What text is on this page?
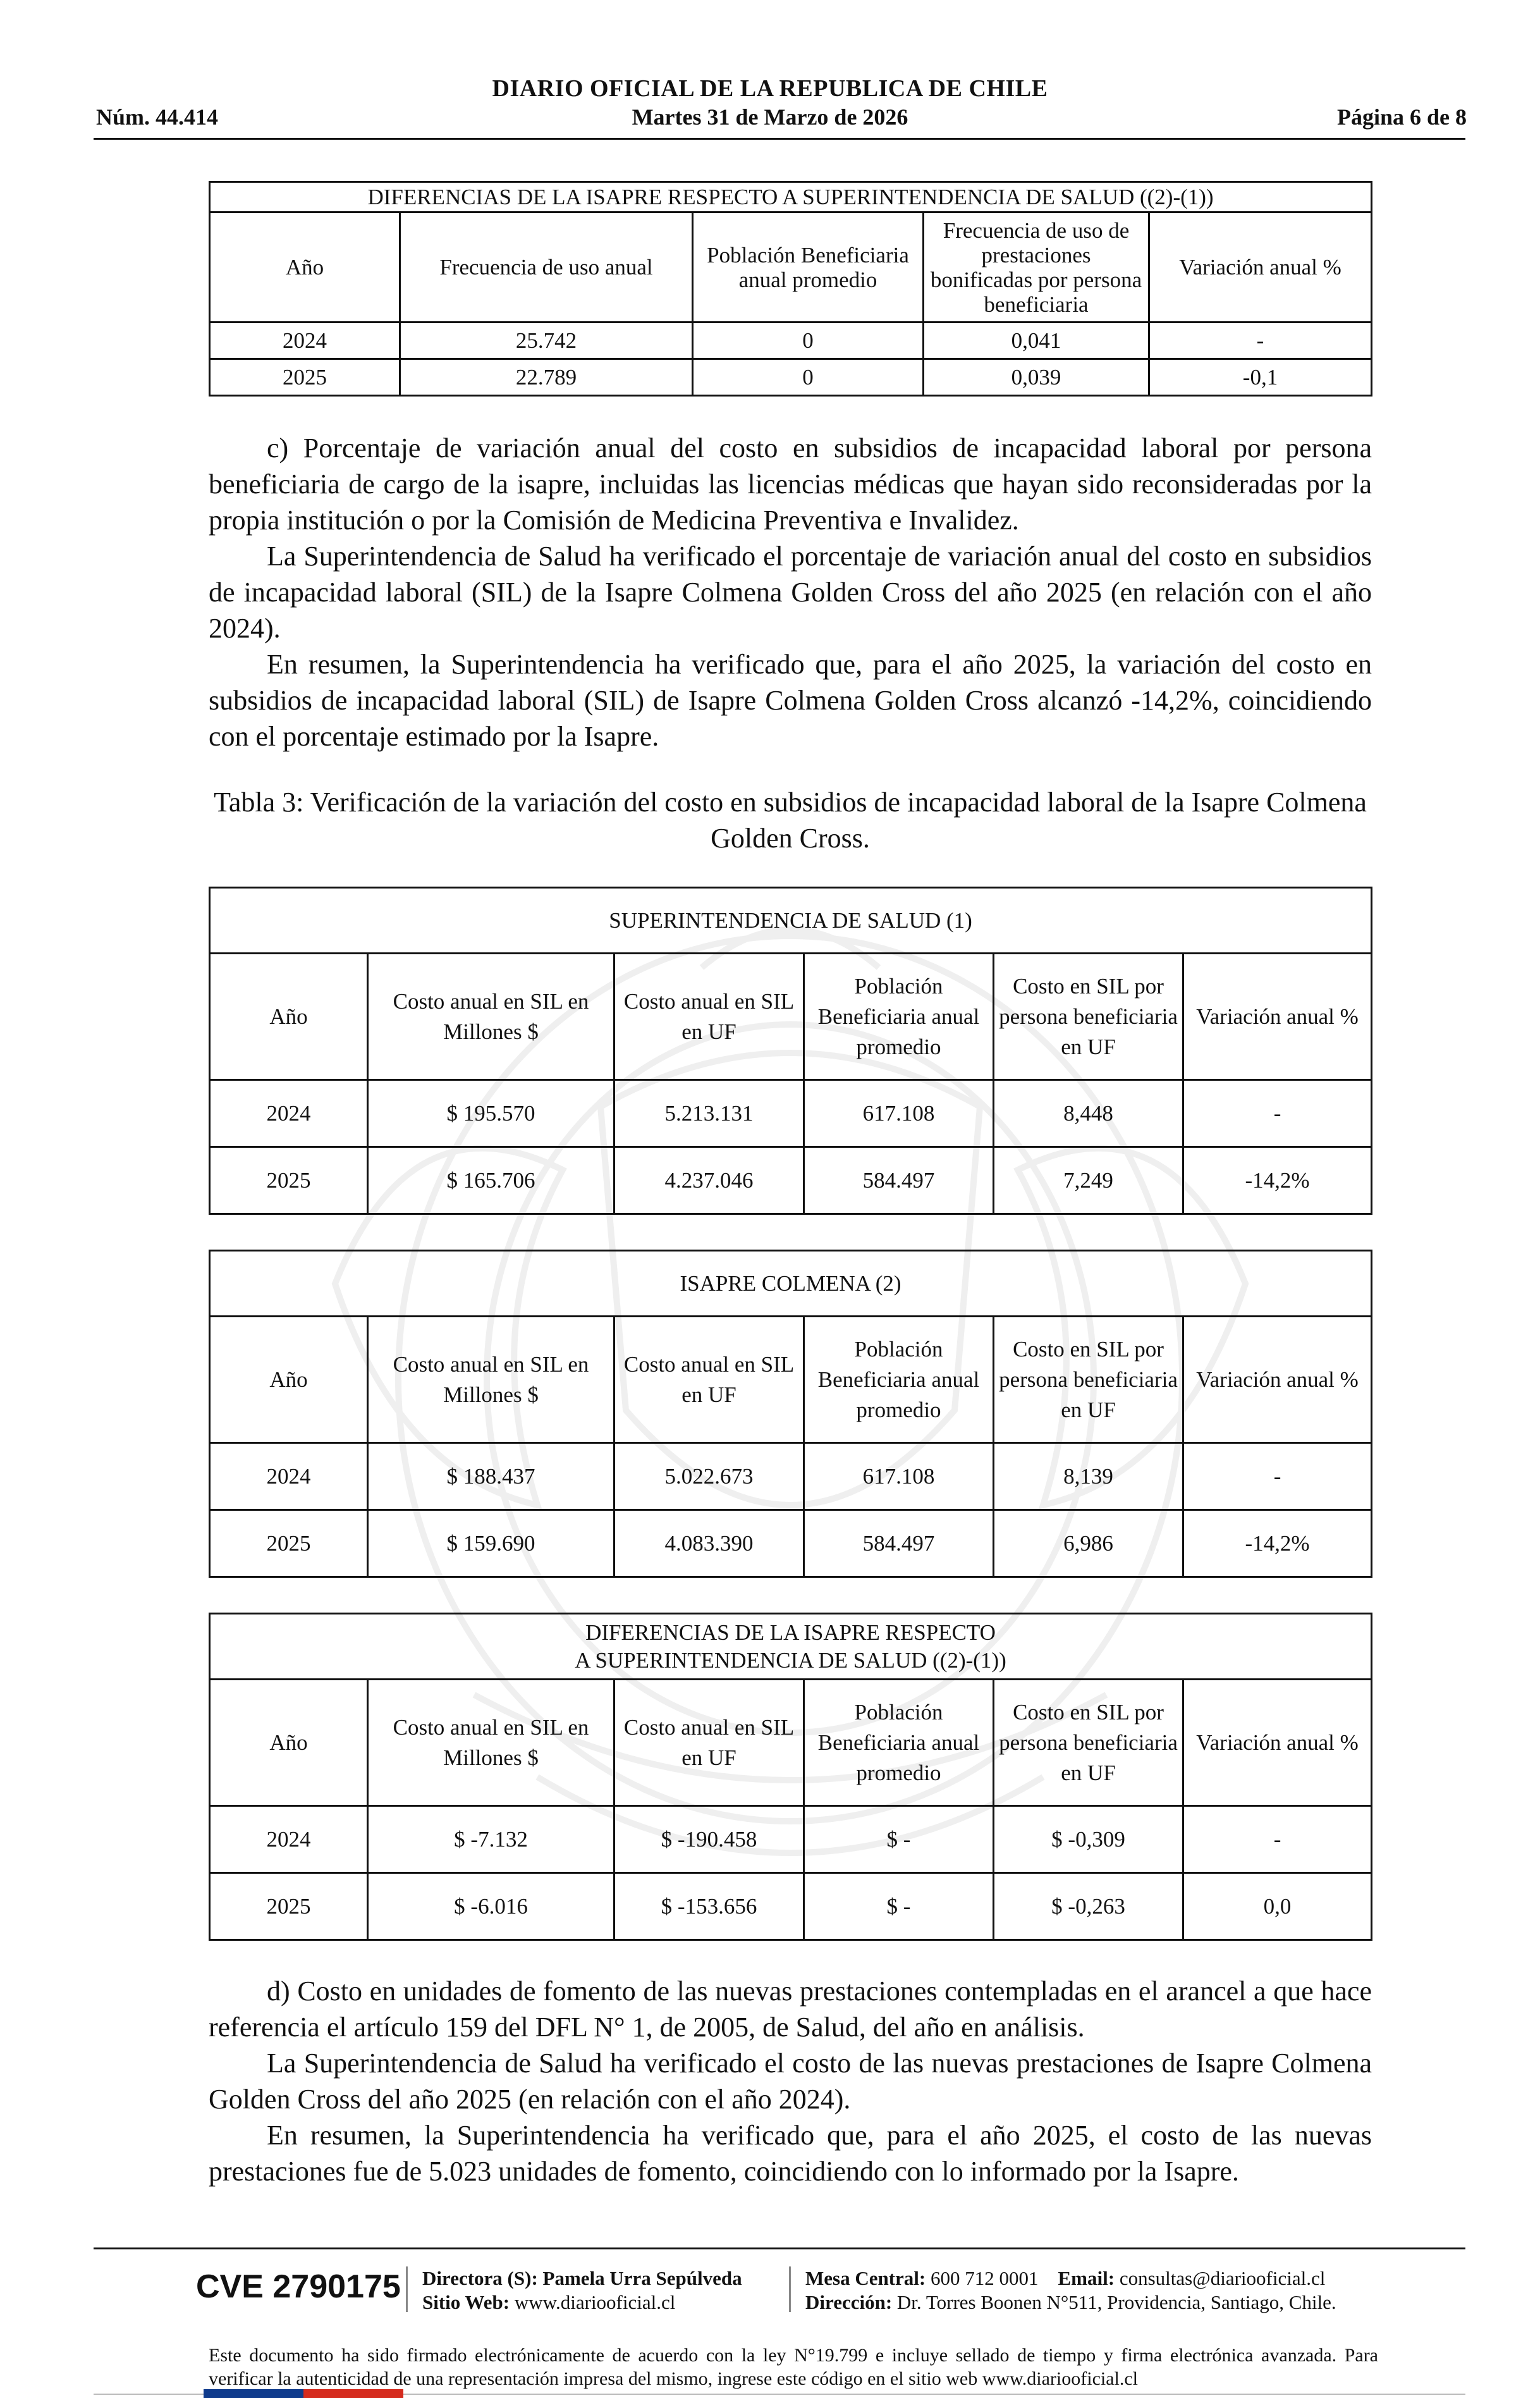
DIARIO OFICIAL DE LA REPUBLICA DE CHILE
Núm. 44.414	Martes 31 de Marzo de 2026	Página 6 de 8
DIFERENCIAS DE LA ISAPRE RESPECTO A SUPERINTENDENCIA DE SALUD ((2)-(1))				
Año	Frecuencia de uso anual	Población Beneficiaria anual promedio	Frecuencia de uso de prestaciones bonificadas por persona beneficiaria	Variación anual %
2024	25.742	0	0,041	-
2025	22.789	0	0,039	-0,1

c) Porcentaje de variación anual del costo en subsidios de incapacidad laboral por persona beneficiaria de cargo de la isapre, incluidas las licencias médicas que hayan sido reconsideradas por la propia institución o por la Comisión de Medicina Preventiva e Invalidez.

La Superintendencia de Salud ha verificado el porcentaje de variación anual del costo en subsidios de incapacidad laboral (SIL) de la Isapre Colmena Golden Cross del año 2025 (en relación con el año 2024).

En resumen, la Superintendencia ha verificado que, para el año 2025, la variación del costo en subsidios de incapacidad laboral (SIL) de Isapre Colmena Golden Cross alcanzó -14,2%, coincidiendo con el porcentaje estimado por la Isapre.

Tabla 3: Verificación de la variación del costo en subsidios de incapacidad laboral de la Isapre Colmena Golden Cross.
SUPERINTENDENCIA DE SALUD (1)					
Año	Costo anual en SIL en Millones $	Costo anual en SIL en UF	Población Beneficiaria anual promedio	Costo en SIL por persona beneficiaria en UF	Variación anual %
2024	$ 195.570	5.213.131	617.108	8,448	-
2025	$ 165.706	4.237.046	584.497	7,249	-14,2%
ISAPRE COLMENA (2)					
Año	Costo anual en SIL en Millones $	Costo anual en SIL en UF	Población Beneficiaria anual promedio	Costo en SIL por persona beneficiaria en UF	Variación anual %
2024	$ 188.437	5.022.673	617.108	8,139	-
2025	$ 159.690	4.083.390	584.497	6,986	-14,2%
DIFERENCIAS DE LA ISAPRE RESPECTO
A SUPERINTENDENCIA DE SALUD ((2)-(1))					

Año	Costo anual en SIL en Millones $	Costo anual en SIL en UF	Población Beneficiaria anual promedio	Costo en SIL por persona beneficiaria en UF	Variación anual %
2024	$ -7.132	$ -190.458	$ -	$ -0,309	-
2025	$ -6.016	$ -153.656	$ -	$ -0,263	0,0

d) Costo en unidades de fomento de las nuevas prestaciones contempladas en el arancel a que hace referencia el artículo 159 del DFL N° 1, de 2005, de Salud, del año en análisis.

La Superintendencia de Salud ha verificado el costo de las nuevas prestaciones de Isapre Colmena Golden Cross del año 2025 (en relación con el año 2024).

En resumen, la Superintendencia ha verificado que, para el año 2025, el costo de las nuevas prestaciones fue de 5.023 unidades de fomento, coincidiendo con lo informado por la Isapre.

CVE 2790175 Directora (S): Pamela Urra Sepúlveda
Sitio Web: www.diariooficial.cl
Mesa Central: 600 712 0001 Email: consultas@diariooficial.cl
Dirección: Dr. Torres Boonen N°511, Providencia, Santiago, Chile.
Este documento ha sido firmado electrónicamente de acuerdo con la ley N°19.799 e incluye sellado de tiempo y firma electrónica avanzada. Para verificar la autenticidad de una representación impresa del mismo, ingrese este código en el sitio web www.diariooficial.cl
